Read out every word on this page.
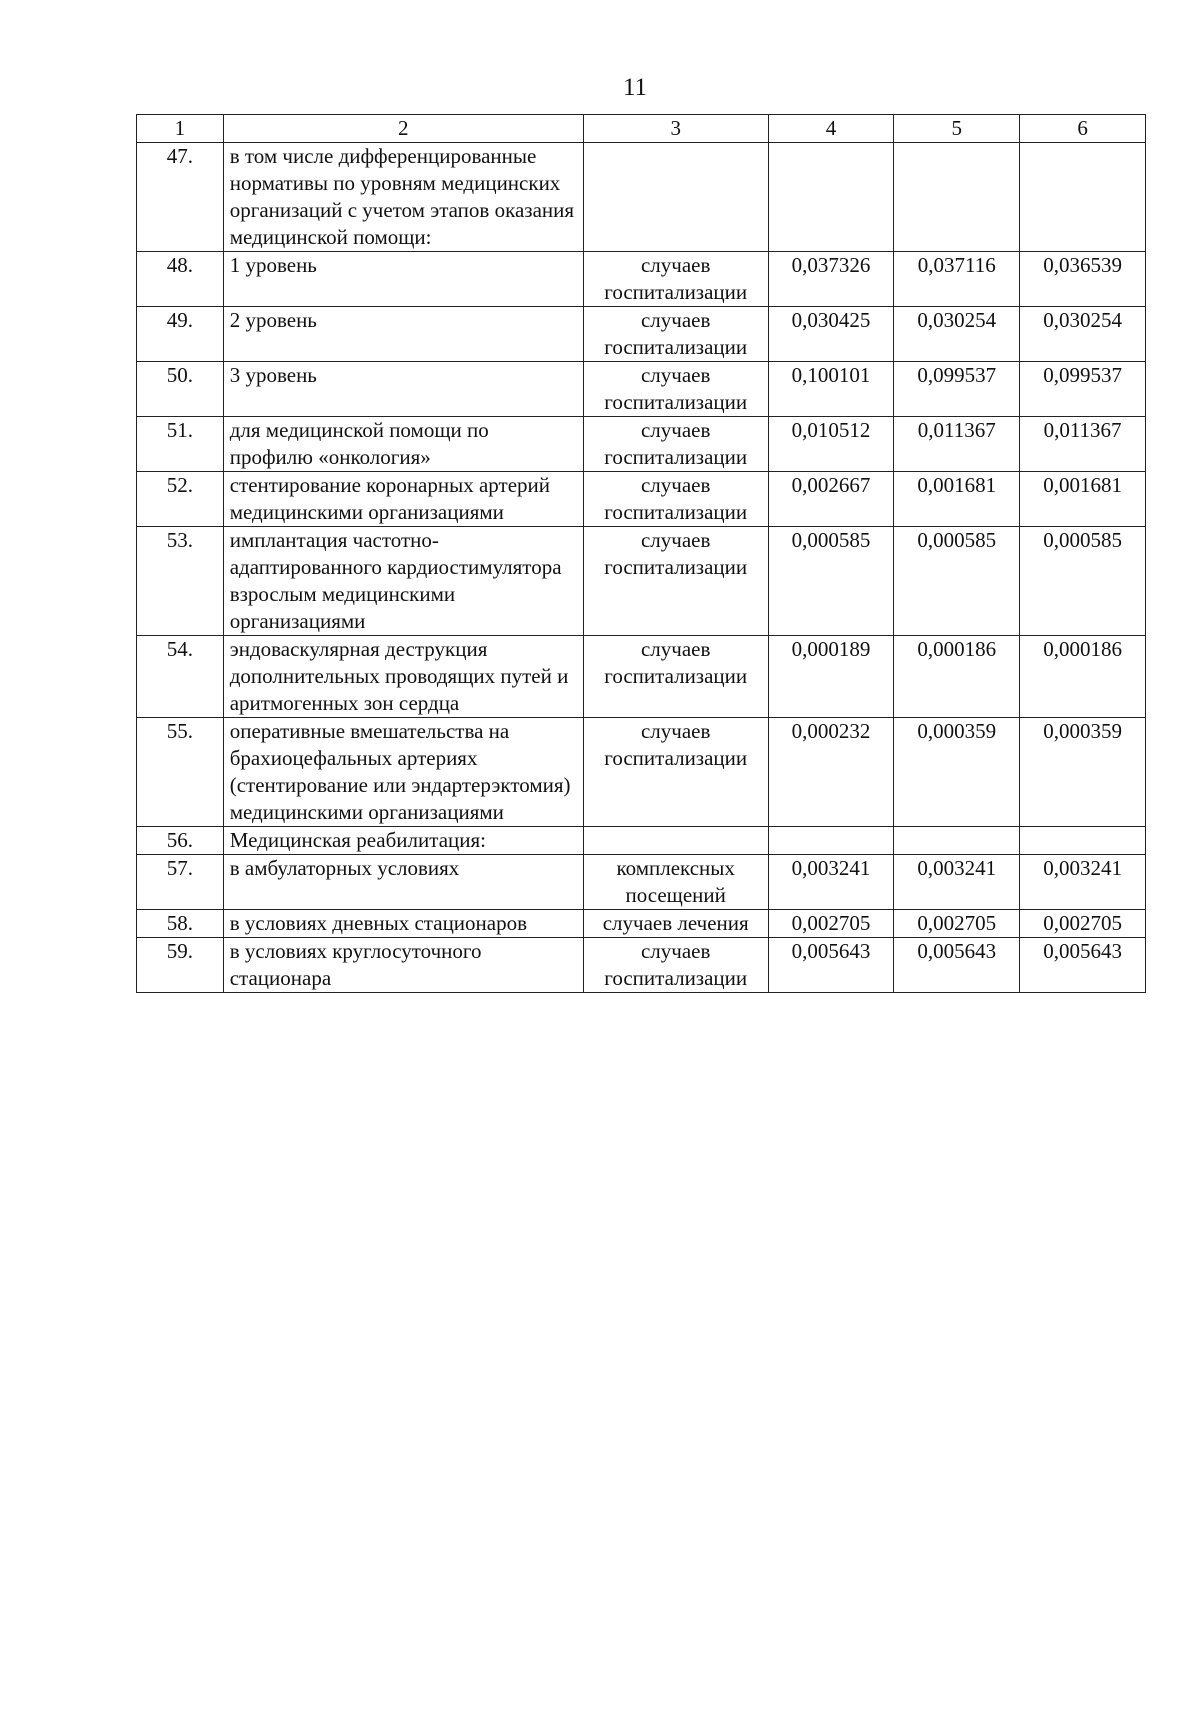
11
1	2	3	4	5	6
47.	в том числе дифференцированные нормативы по уровням медицинских организаций с учетом этапов оказания медицинской помощи:				
48.	1 уровень	случаев госпитализации	0,037326	0,037116	0,036539
49.	2 уровень	случаев госпитализации	0,030425	0,030254	0,030254
50.	3 уровень	случаев госпитализации	0,100101	0,099537	0,099537
51.	для медицинской помощи по профилю «онкология»	случаев госпитализации	0,010512	0,011367	0,011367
52.	стентирование коронарных артерий медицинскими организациями	случаев госпитализации	0,002667	0,001681	0,001681
53.	имплантация частотно-адаптированного кардиостимулятора взрослым медицинскими организациями	случаев госпитализации	0,000585	0,000585	0,000585
54.	эндоваскулярная деструкция дополнительных проводящих путей и аритмогенных зон сердца	случаев госпитализации	0,000189	0,000186	0,000186
55.	оперативные вмешательства на брахиоцефальных артериях (стентирование или эндартерэктомия) медицинскими организациями	случаев госпитализации	0,000232	0,000359	0,000359
56.	Медицинская реабилитация:				
57.	в амбулаторных условиях	комплексных посещений	0,003241	0,003241	0,003241
58.	в условиях дневных стационаров	случаев лечения	0,002705	0,002705	0,002705
59.	в условиях круглосуточного стационара	случаев госпитализации	0,005643	0,005643	0,005643
